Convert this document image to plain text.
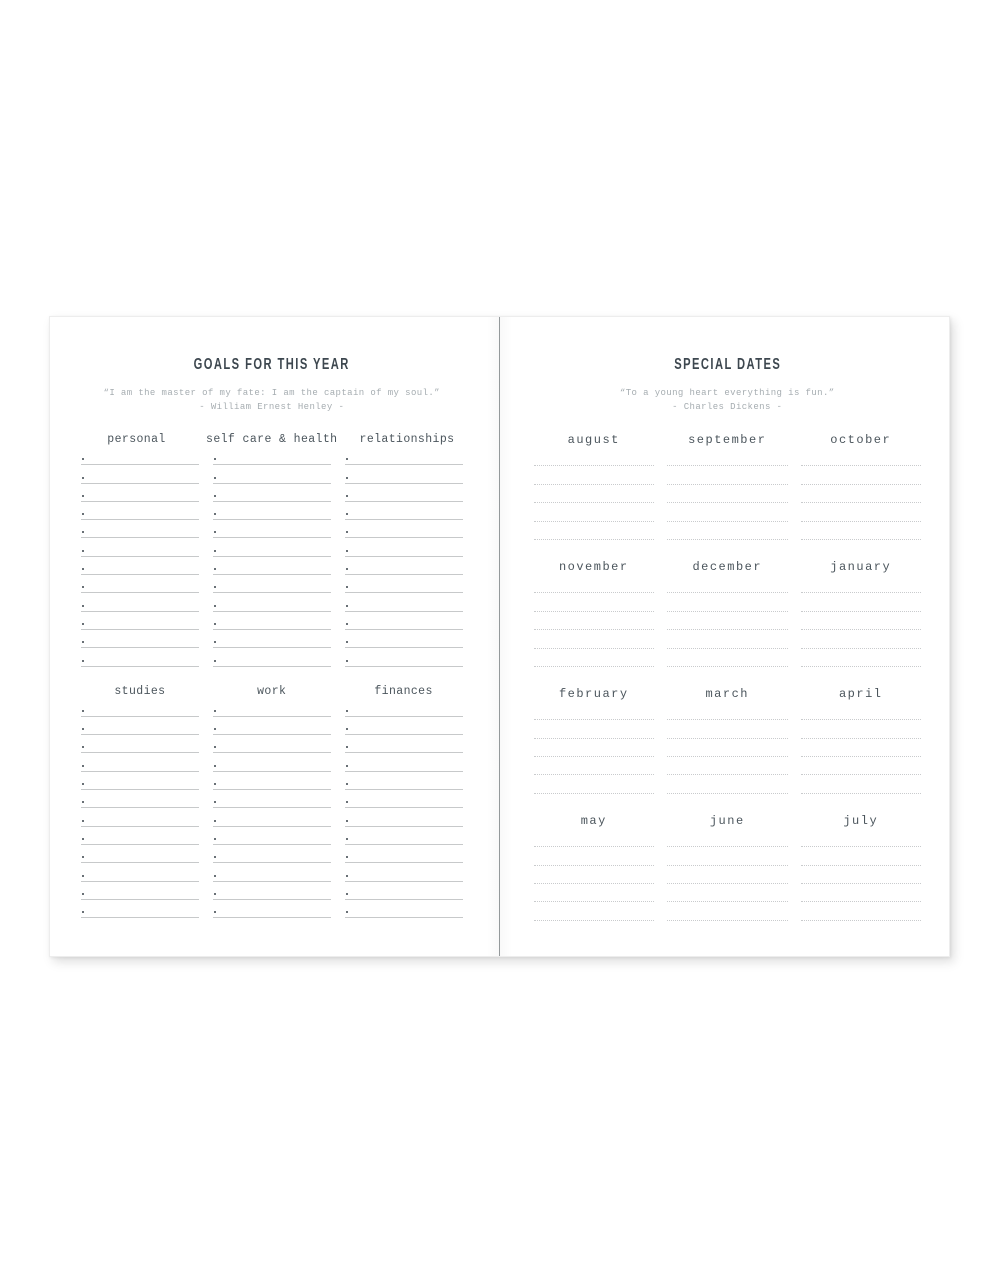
GOALS FOR THIS YEAR

“I am the master of my fate: I am the captain of my soul.”

- William Ernest Henley -

personal	self care & health	relationships
studies	work	finances
SPECIAL DATES

“To a young heart everything is fun.”

- Charles Dickens -

august	september	october
november	december	january
february	march	april
may	june	july
